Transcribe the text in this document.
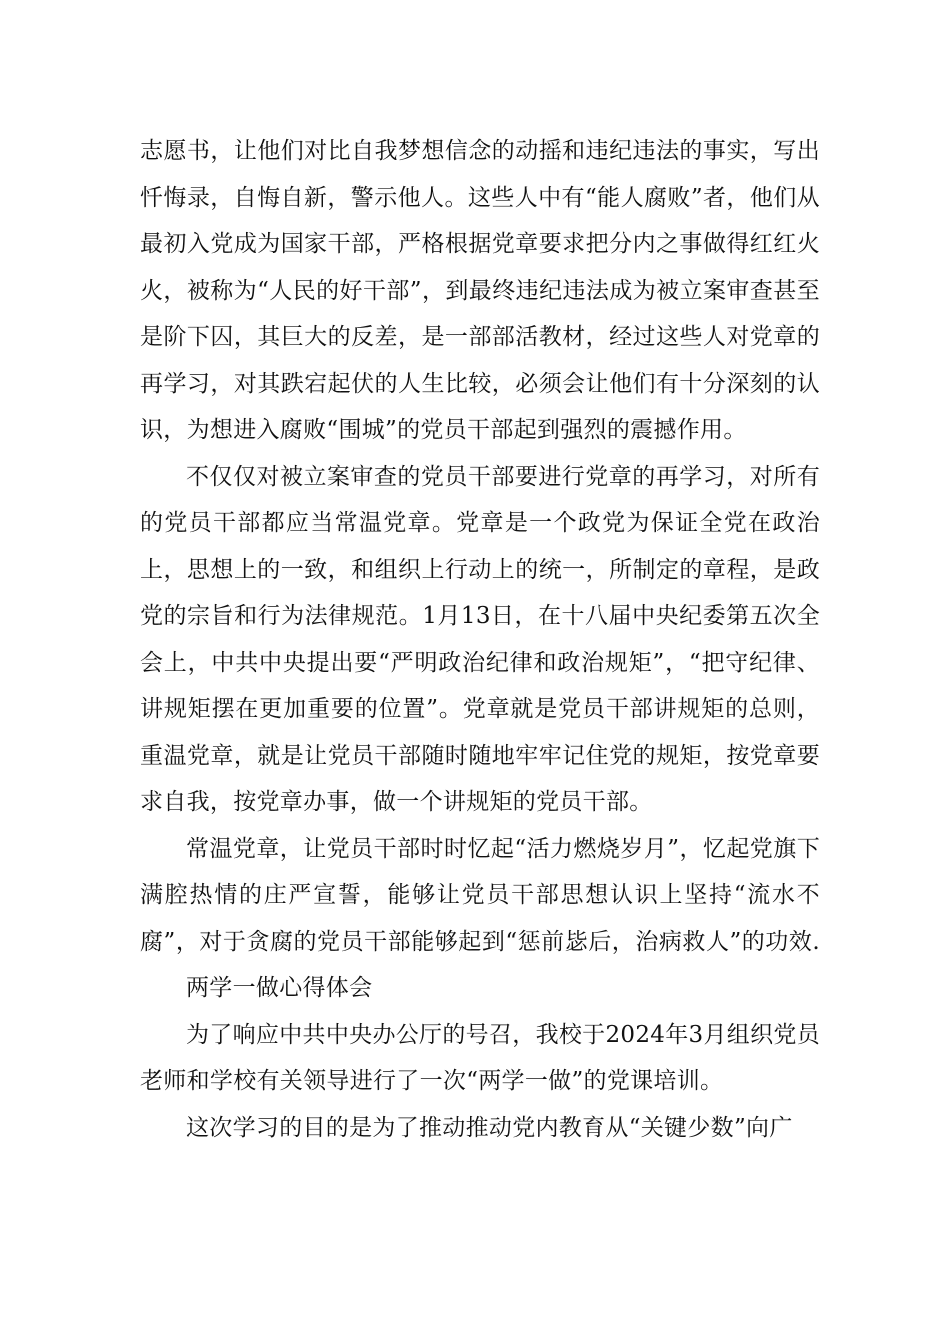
志愿书，让他们对比自我梦想信念的动摇和违纪违法的事实，写出忏悔录，自悔自新，警示他人。这些人中有“能人腐败”者，他们从最初入党成为国家干部，严格根据党章要求把分内之事做得红红火火，被称为“人民的好干部”，到最终违纪违法成为被立案审查甚至是阶下囚，其巨大的反差，是一部部活教材，经过这些人对党章的再学习，对其跌宕起伏的人生比较，必须会让他们有十分深刻的认识，为想进入腐败“围城”的党员干部起到强烈的震撼作用。

不仅仅对被立案审查的党员干部要进行党章的再学习，对所有的党员干部都应当常温党章。党章是一个政党为保证全党在政治上，思想上的一致，和组织上行动上的统一，所制定的章程，是政党的宗旨和行为法律规范。1月13日，在十八届中央纪委第五次全会上，中共中央提出要“严明政治纪律和政治规矩”，“把守纪律、讲规矩摆在更加重要的位置”。党章就是党员干部讲规矩的总则，重温党章，就是让党员干部随时随地牢牢记住党的规矩，按党章要求自我，按党章办事，做一个讲规矩的党员干部。

常温党章，让党员干部时时忆起“活力燃烧岁月”，忆起党旗下满腔热情的庄严宣誓，能够让党员干部思想认识上坚持“流水不腐”，对于贪腐的党员干部能够起到“惩前毖后，治病救人”的功效.两学一做心得体会

为了响应中共中央办公厅的号召，我校于2024年3月组织党员老师和学校有关领导进行了一次“两学一做”的党课培训。

这次学习的目的是为了推动推动党内教育从“关键少数”向广
